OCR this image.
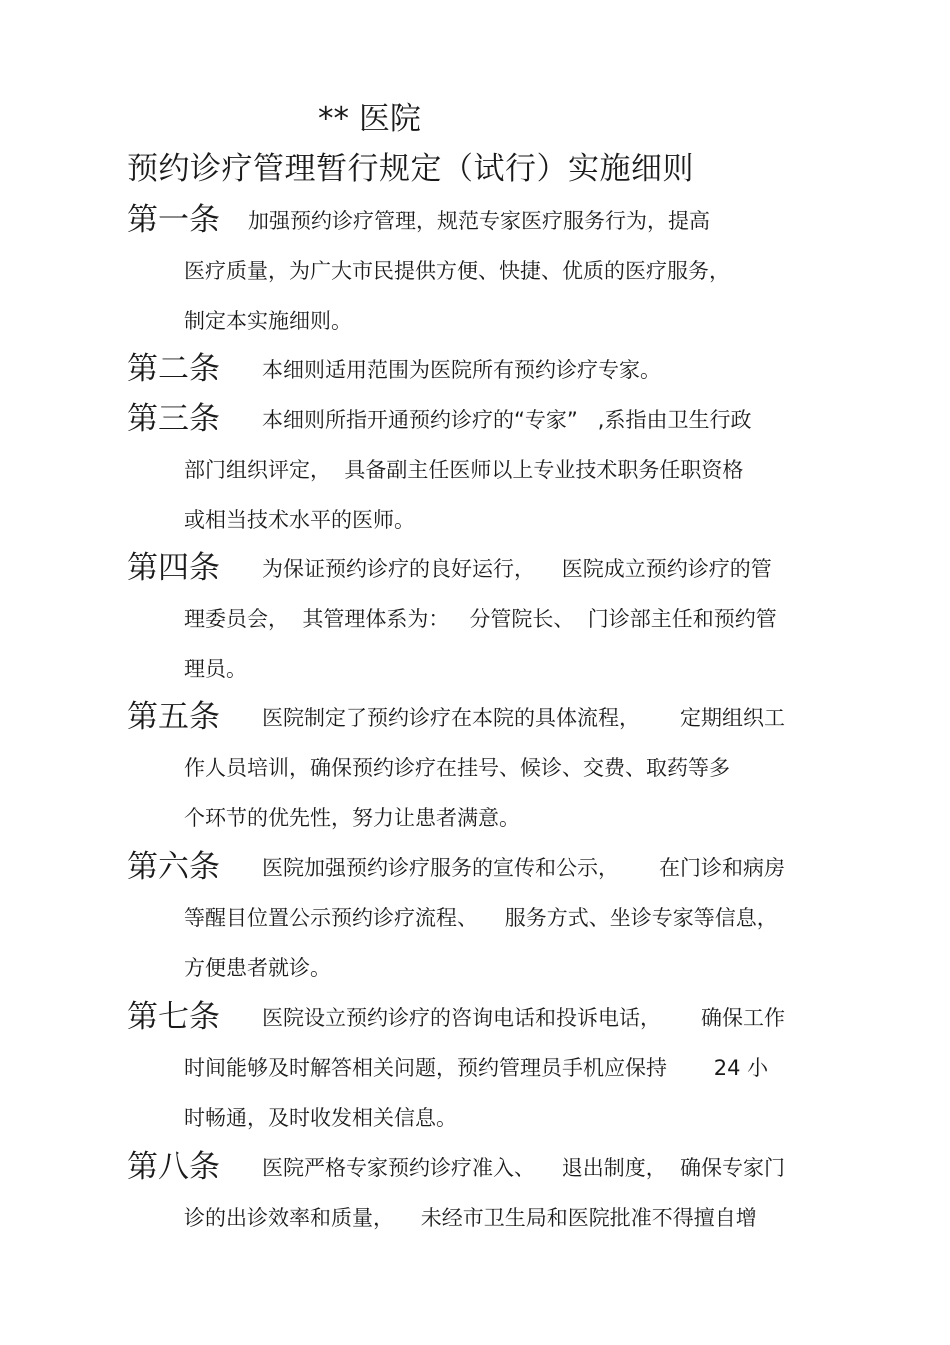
** 医院
预约诊疗管理暂行规定（试行）实施细则
第一条 加强预约诊疗管理，规范专家医疗服务行为，提高
医疗质量，为广大市民提供方便、快捷、优质的医疗服务，
制定本实施细则。
第二条 本细则适用范围为医院所有预约诊疗专家。
第三条 本细则所指开通预约诊疗的“专家”   ,系指由卫生行政
部门组织评定，  具备副主任医师以上专业技术职务任职资格
或相当技术水平的医师。
第四条 为保证预约诊疗的良好运行，    医院成立预约诊疗的管
理委员会，  其管理体系为：   分管院长、  门诊部主任和预约管
理员。
第五条 医院制定了预约诊疗在本院的具体流程，      定期组织工
作人员培训，确保预约诊疗在挂号、候诊、交费、取药等多
个环节的优先性，努力让患者满意。
第六条 医院加强预约诊疗服务的宣传和公示，      在门诊和病房
等醒目位置公示预约诊疗流程、    服务方式、坐诊专家等信息，
方便患者就诊。
第七条 医院设立预约诊疗的咨询电话和投诉电话，      确保工作
时间能够及时解答相关问题，预约管理员手机应保持       24 小
时畅通，及时收发相关信息。
第八条 医院严格专家预约诊疗准入、    退出制度，  确保专家门
诊的出诊效率和质量，    未经市卫生局和医院批准不得擅自增
